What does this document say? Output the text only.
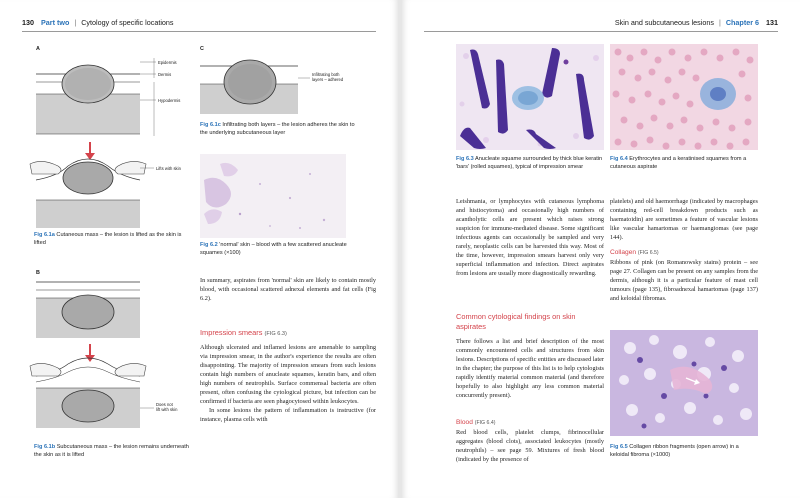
130 Part two | Cytology of specific locations
A
Epidermis
Dermis
Hypodermis
Lifts with skin
Fig 6.1a Cutaneous mass – the lesion is lifted as the skin is lifted
B
Does not
lift with skin
Fig 6.1b Subcutaneous mass – the lesion remains underneath the skin as it is lifted
C
Infiltrating both
layers – adhered
Fig 6.1c Infiltrating both layers – the lesion adheres the skin to the underlying subcutaneous layer
Fig 6.2 'normal' skin – blood with a few scattered anucleate squames (×100)

In summary, aspirates from 'normal' skin are likely to contain mostly blood, with occasional scattered adnexal elements and fat cells (Fig 6.2).

Impression smears (FIG 6.3)

Although ulcerated and inflamed lesions are amenable to sampling via impression smear, in the author's experience the results are often disappointing. The majority of impression smears from such lesions contain high numbers of anucleate squames, keratin bars, and often high numbers of neutrophils. Surface commensal bacteria are often present, often confusing the cytological picture, but infection can be confirmed if bacteria are seen phagocytosed within leukocytes.

In some lesions the pattern of inflammation is instructive (for instance, plasma cells with

Skin and subcutaneous lesions | Chapter 6 131
Fig 6.3 Anucleate squame surrounded by thick blue keratin 'bars' (rolled squames), typical of impression smear
Fig 6.4 Erythrocytes and a keratinised squames from a cutaneous aspirate

Leishmania, or lymphocytes with cutaneous lymphoma and histiocytoma) and occasionally high numbers of acantholytic cells are present which raises strong suspicion for immune-mediated disease. Some significant infectious agents can occasionally be sampled and very rarely, neoplastic cells can be harvested this way. Most of the time, however, impression smears harvest only very superficial inflammation and infection. Direct aspirates from lesions are usually more diagnostically rewarding.

Common cytological findings on skin aspirates

There follows a list and brief description of the most commonly encountered cells and structures from skin lesions. Descriptions of specific entities are discussed later in the chapter; the purpose of this list is to help cytologists rapidly identify material common material (and therefore hopefully to also highlight any less common material concurrently present).

Blood (FIG 6.4)
Red blood cells, platelet clumps, fibrinocellular aggregates (blood clots), associated leukocytes (mostly neutrophils) – see page 59. Mixtures of fresh blood (indicated by the presence of

platelets) and old haemorrhage (indicated by macrophages containing red-cell breakdown products such as haematoidin) are sometimes a feature of vascular lesions like vascular hamartomas or haemangiomas (see page 144).

Collagen (FIG 6.5)
Ribbons of pink (on Romanowsky stains) protein – see page 27. Collagen can be present on any samples from the dermis, although it is a particular feature of mast cell tumours (page 135), fibroadnexal hamartomas (page 137) and keloidal fibromas.

Fig 6.5 Collagen ribbon fragments (open arrow) in a keloidal fibroma (×1000)
